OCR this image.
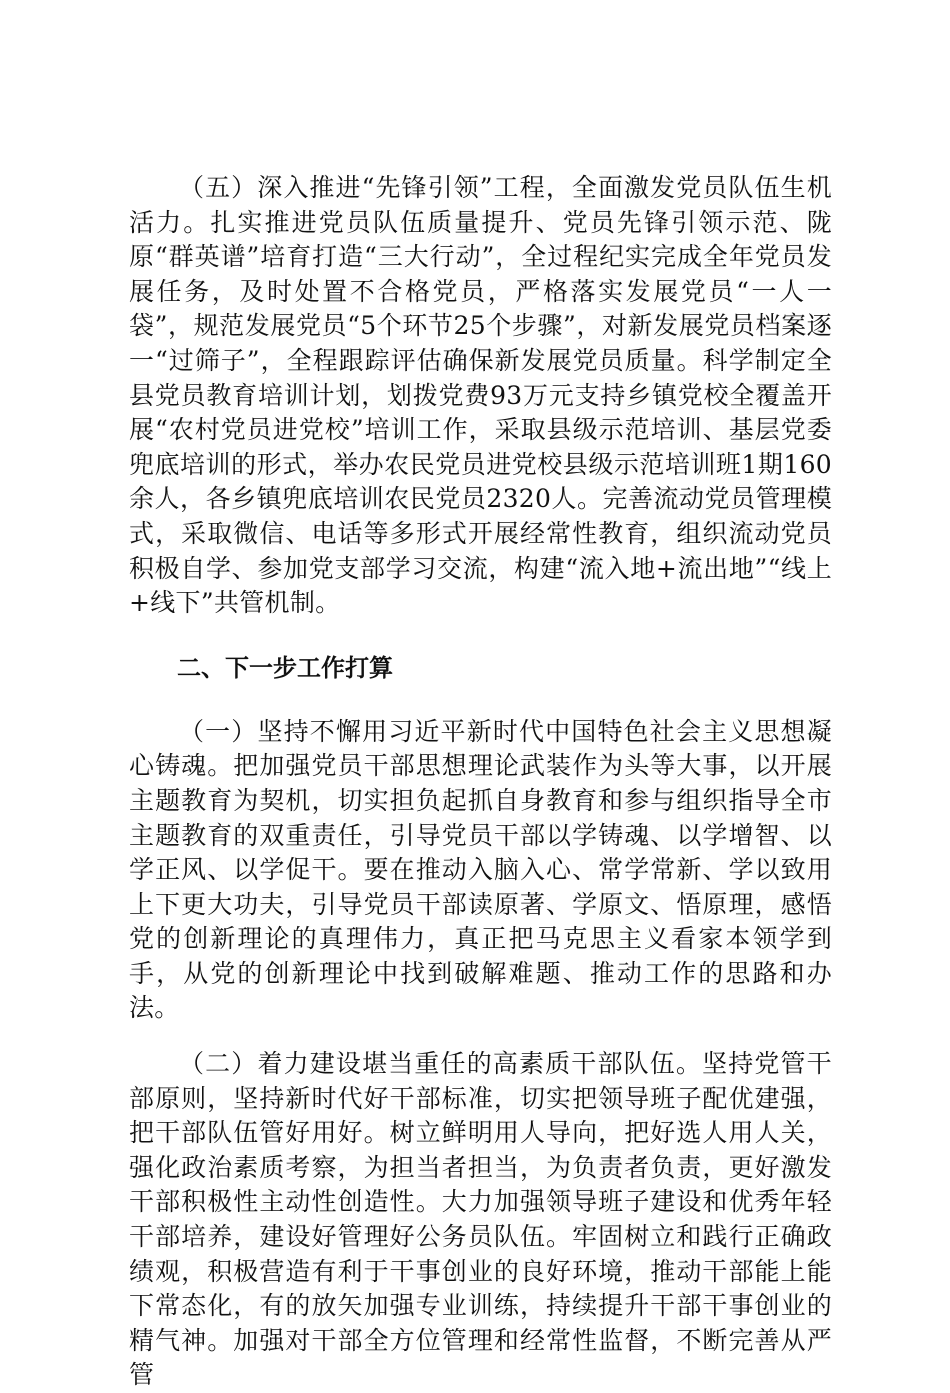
（五）深入推进“先锋引领”工程，全面激发党员队伍生机活力。扎实推进党员队伍质量提升、党员先锋引领示范、陇原“群英谱”培育打造“三大行动”，全过程纪实完成全年党员发展任务，及时处置不合格党员，严格落实发展党员“一人一袋”，规范发展党员“5个环节25个步骤”，对新发展党员档案逐一“过筛子”，全程跟踪评估确保新发展党员质量。科学制定全县党员教育培训计划，划拨党费93万元支持乡镇党校全覆盖开展“农村党员进党校”培训工作，采取县级示范培训、基层党委兜底培训的形式，举办农民党员进党校县级示范培训班1期160余人，各乡镇兜底培训农民党员2320人。完善流动党员管理模式，采取微信、电话等多形式开展经常性教育，组织流动党员积极自学、参加党支部学习交流，构建“流入地+流出地”“线上+线下”共管机制。

二、下一步工作打算

（一）坚持不懈用习近平新时代中国特色社会主义思想凝心铸魂。把加强党员干部思想理论武装作为头等大事，以开展主题教育为契机，切实担负起抓自身教育和参与组织指导全市主题教育的双重责任，引导党员干部以学铸魂、以学增智、以学正风、以学促干。要在推动入脑入心、常学常新、学以致用上下更大功夫，引导党员干部读原著、学原文、悟原理，感悟党的创新理论的真理伟力，真正把马克思主义看家本领学到手，从党的创新理论中找到破解难题、推动工作的思路和办法。

（二）着力建设堪当重任的高素质干部队伍。坚持党管干部原则，坚持新时代好干部标准，切实把领导班子配优建强，把干部队伍管好用好。树立鲜明用人导向，把好选人用人关，强化政治素质考察，为担当者担当，为负责者负责，更好激发干部积极性主动性创造性。大力加强领导班子建设和优秀年轻干部培养，建设好管理好公务员队伍。牢固树立和践行正确政绩观，积极营造有利于干事创业的良好环境，推动干部能上能下常态化，有的放矢加强专业训练，持续提升干部干事创业的精气神。加强对干部全方位管理和经常性监督，不断完善从严管
